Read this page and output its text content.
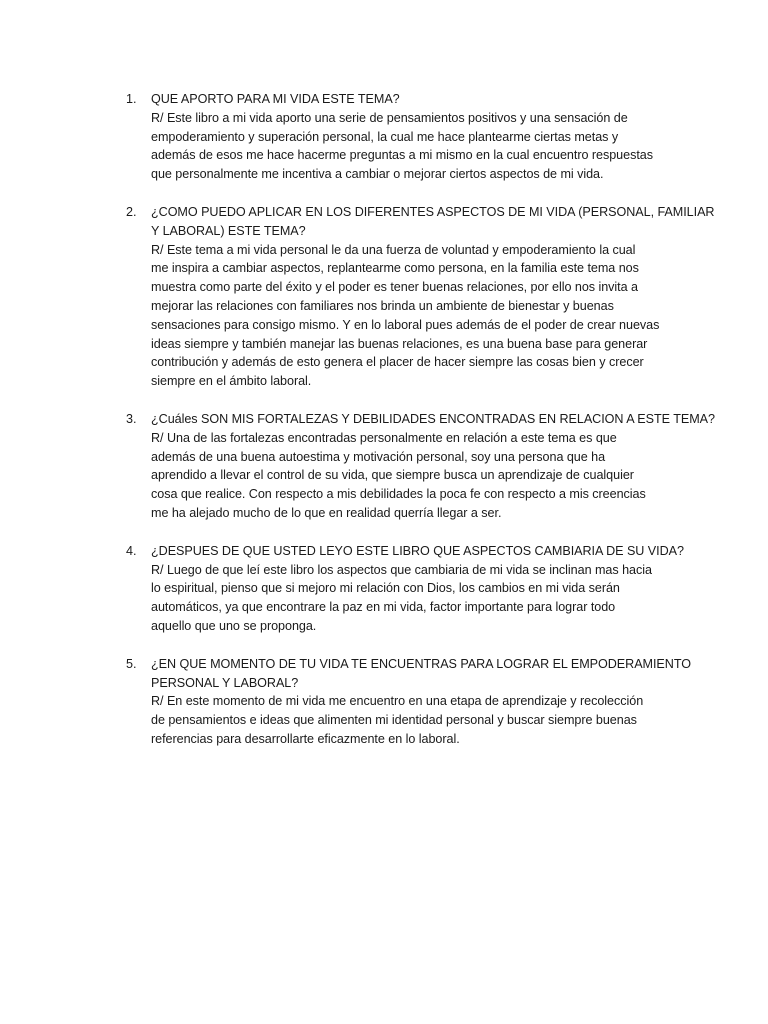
1. QUE APORTO PARA MI VIDA ESTE TEMA?
R/ Este libro a mi vida aporto una serie de pensamientos positivos y una sensación de
empoderamiento y superación personal, la cual me hace plantearme ciertas metas y
además de esos me hace hacerme preguntas a mi mismo en la cual encuentro respuestas
que personalmente me incentiva a cambiar o mejorar ciertos aspectos de mi vida.
2. ¿COMO PUEDO APLICAR EN LOS DIFERENTES ASPECTOS DE MI VIDA (PERSONAL, FAMILIAR
Y LABORAL) ESTE TEMA?
R/ Este tema a mi vida personal le da una fuerza de voluntad y empoderamiento la cual
me inspira a cambiar aspectos, replantearme como persona, en la familia este tema nos
muestra como parte del éxito y el poder es tener buenas relaciones, por ello nos invita a
mejorar las relaciones con familiares nos brinda un ambiente de bienestar y buenas
sensaciones para consigo mismo. Y en lo laboral pues además de el poder de crear nuevas
ideas siempre y también manejar las buenas relaciones, es una buena base para generar
contribución y además de esto genera el placer de hacer siempre las cosas bien y crecer
siempre en el ámbito laboral.
3. ¿Cuáles SON MIS FORTALEZAS Y DEBILIDADES ENCONTRADAS EN RELACION A ESTE TEMA?
R/ Una de las fortalezas encontradas personalmente en relación a este tema es que
además de una buena autoestima y motivación personal, soy una persona que ha
aprendido a llevar el control de su vida, que siempre busca un aprendizaje de cualquier
cosa que realice. Con respecto a mis debilidades la poca fe con respecto a mis creencias
me ha alejado mucho de lo que en realidad querría llegar a ser.
4. ¿DESPUES DE QUE USTED LEYO ESTE LIBRO QUE ASPECTOS CAMBIARIA DE SU VIDA?
R/ Luego de que leí este libro los aspectos que cambiaria de mi vida se inclinan mas hacia
lo espiritual, pienso que si mejoro mi relación con Dios, los cambios en mi vida serán
automáticos, ya que encontrare la paz en mi vida, factor importante para lograr todo
aquello que uno se proponga.
5. ¿EN QUE MOMENTO DE TU VIDA TE ENCUENTRAS PARA LOGRAR EL EMPODERAMIENTO
PERSONAL Y LABORAL?
R/ En este momento de mi vida me encuentro en una etapa de aprendizaje y recolección
de pensamientos e ideas que alimenten mi identidad personal y buscar siempre buenas
referencias para desarrollarte eficazmente en lo laboral.
